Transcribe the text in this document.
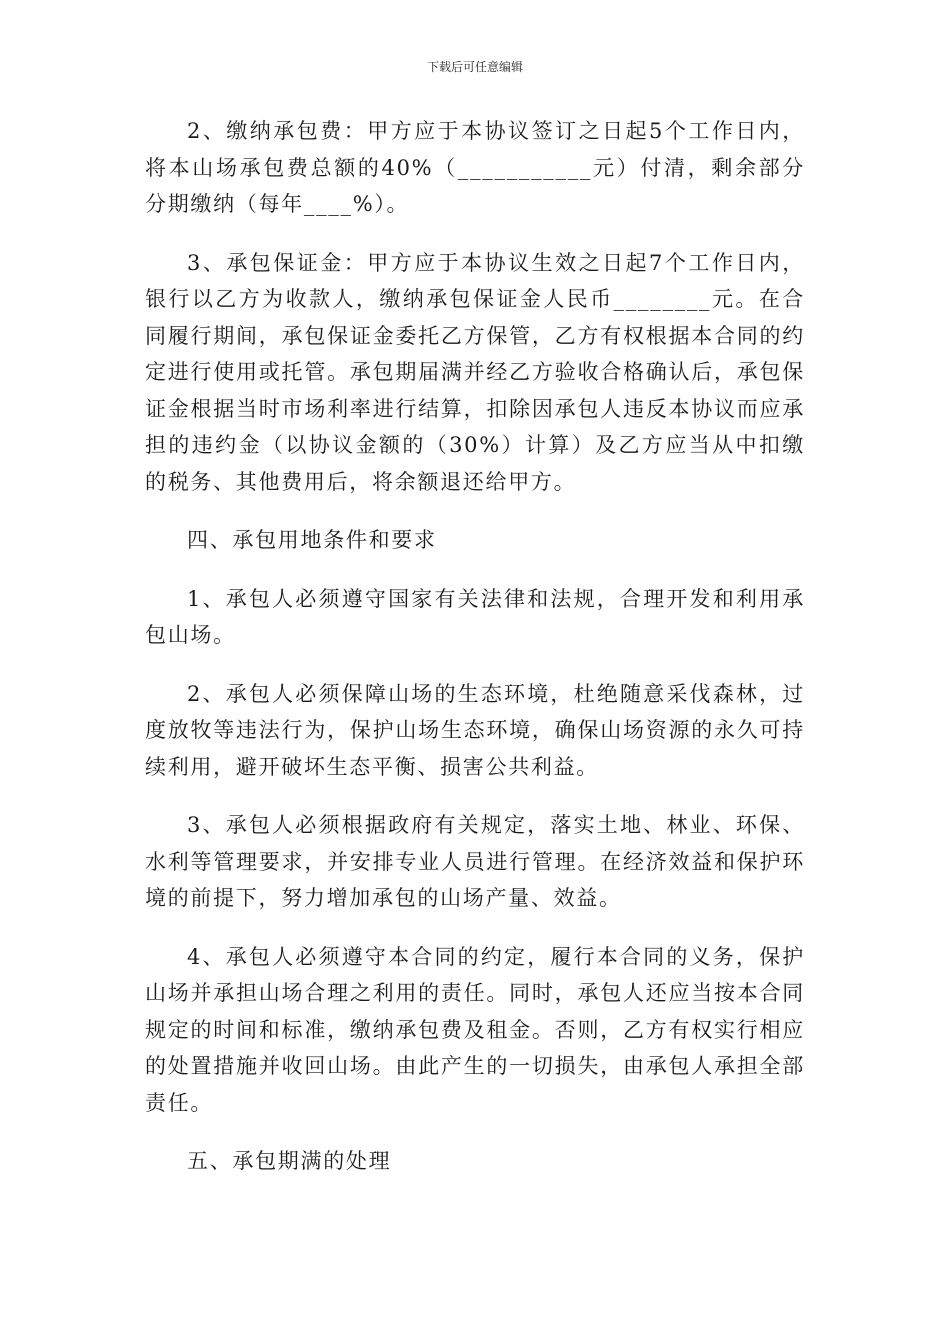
下载后可任意编辑

2、缴纳承包费：甲方应于本协议签订之日起5个工作日内，将本山场承包费总额的40%（___________元）付清，剩余部分分期缴纳（每年____%）。

3、承包保证金：甲方应于本协议生效之日起7个工作日内，银行以乙方为收款人，缴纳承包保证金人民币________元。在合同履行期间，承包保证金委托乙方保管，乙方有权根据本合同的约定进行使用或托管。承包期届满并经乙方验收合格确认后，承包保证金根据当时市场利率进行结算，扣除因承包人违反本协议而应承担的违约金（以协议金额的（30%）计算）及乙方应当从中扣缴的税务、其他费用后，将余额退还给甲方。

四、承包用地条件和要求

1、承包人必须遵守国家有关法律和法规，合理开发和利用承包山场。

2、承包人必须保障山场的生态环境，杜绝随意采伐森林，过度放牧等违法行为，保护山场生态环境，确保山场资源的永久可持续利用，避开破坏生态平衡、损害公共利益。

3、承包人必须根据政府有关规定，落实土地、林业、环保、水利等管理要求，并安排专业人员进行管理。在经济效益和保护环境的前提下，努力增加承包的山场产量、效益。

4、承包人必须遵守本合同的约定，履行本合同的义务，保护山场并承担山场合理之利用的责任。同时，承包人还应当按本合同规定的时间和标准，缴纳承包费及租金。否则，乙方有权实行相应的处置措施并收回山场。由此产生的一切损失，由承包人承担全部责任。

五、承包期满的处理
